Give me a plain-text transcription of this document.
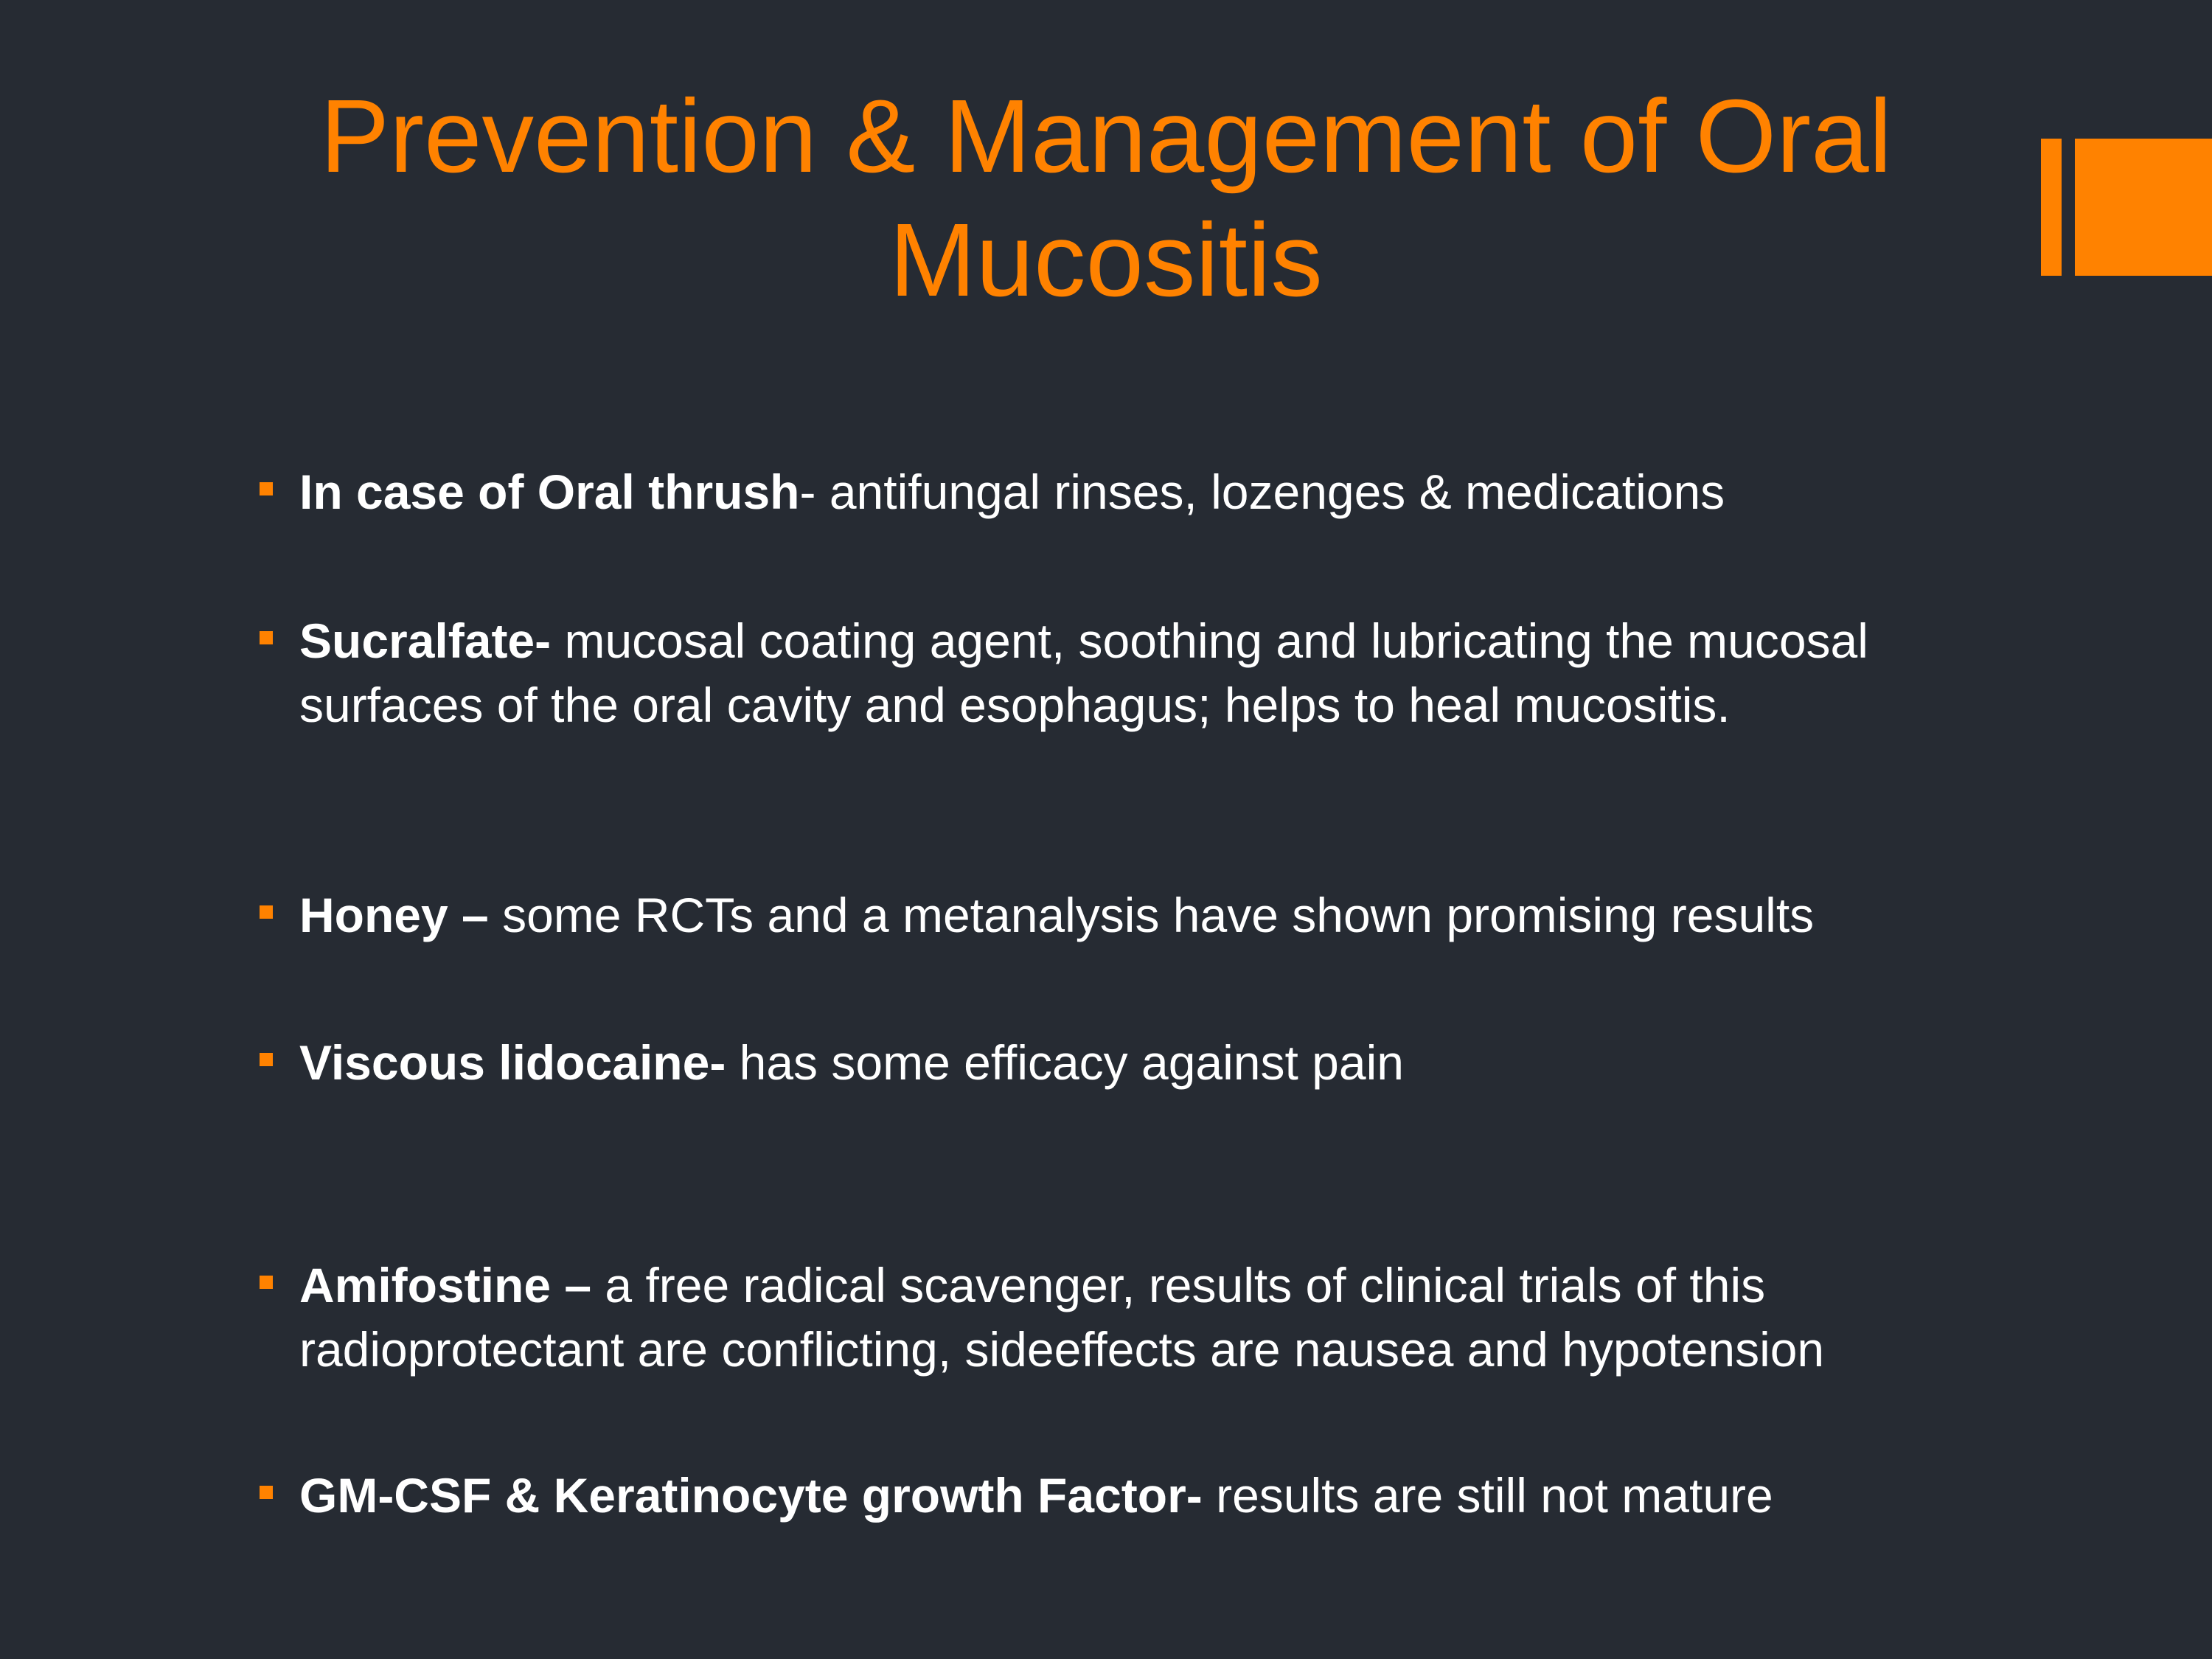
Prevention & Management of Oral
Mucositis
In case of Oral thrush- antifungal rinses, lozenges & medications
Sucralfate- mucosal coating agent, soothing and lubricating the mucosal surfaces of the oral cavity and esophagus; helps to heal mucositis.
Honey – some RCTs and a metanalysis have shown promising results
Viscous lidocaine- has some efficacy against pain
Amifostine – a free radical scavenger, results of clinical trials of this radioprotectant are conflicting, sideeffects are nausea and hypotension
GM-CSF & Keratinocyte growth Factor- results are still not mature
